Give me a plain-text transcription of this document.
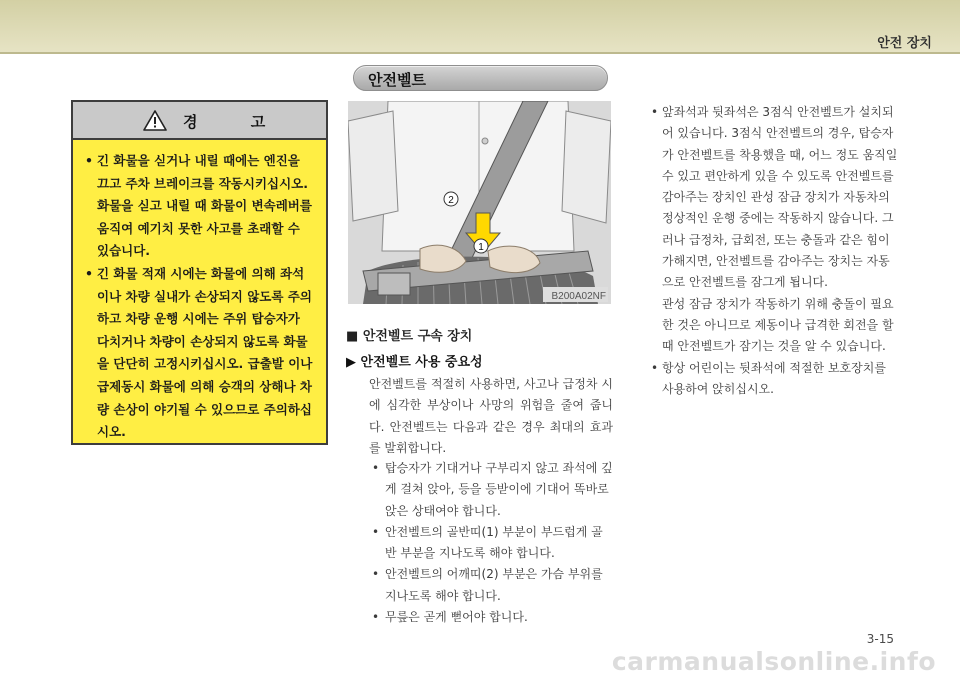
안전 장치
안전벨트
경 고
• 긴 화물을 싣거나 내릴 때에는 엔진을 끄고 주차 브레이크를 작동시키십시오. 화물을 싣고 내릴 때 화물이 변속레버를 움직여 예기치 못한 사고를 초래할 수 있습니다.
• 긴 화물 적재 시에는 화물에 의해 좌석이나 차량 실내가 손상되지 않도록 주의하고 차량 운행 시에는 주위 탑승자가 다치거나 차량이 손상되지 않도록 화물을 단단히 고정시키십시오. 급출발 이나 급제동시 화물에 의해 승객의 상해나 차량 손상이 야기될 수 있으므로 주의하십시오.
2
1
B200A02NF
■ 안전벨트 구속 장치
▶ 안전벨트 사용 중요성

안전벨트를 적절히 사용하면, 사고나 급정차 시에 심각한 부상이나 사망의 위험을 줄여 줍니다. 안전벨트는 다음과 같은 경우 최대의 효과를 발휘합니다.

• 탑승자가 기대거나 구부리지 않고 좌석에 깊게 걸쳐 앉아, 등을 등받이에 기대어 똑바로 앉은 상태여야 합니다.
• 안전벨트의 골반띠(1) 부분이 부드럽게 골반 부분을 지나도록 해야 합니다.
• 안전벨트의 어깨띠(2) 부분은 가슴 부위를 지나도록 해야 합니다.
• 무릎은 곧게 뻗어야 합니다.
• 앞좌석과 뒷좌석은 3점식 안전벨트가 설치되어 있습니다. 3점식 안전벨트의 경우, 탑승자가 안전벨트를 착용했을 때, 어느 정도 움직일 수 있고 편안하게 있을 수 있도록 안전벨트를 감아주는 장치인 관성 잠금 장치가 자동차의 정상적인 운행 중에는 작동하지 않습니다. 그러나 급정차, 급회전, 또는 충돌과 같은 힘이 가해지면, 안전벨트를 감아주는 장치는 자동으로 안전벨트를 잠그게 됩니다.
관성 잠금 장치가 작동하기 위해 충돌이 필요한 것은 아니므로 제동이나 급격한 회전을 할 때 안전벨트가 잠기는 것을 알 수 있습니다.
• 항상 어린이는 뒷좌석에 적절한 보호장치를 사용하여 앉히십시오.
3-15
carmanualsonline.info
